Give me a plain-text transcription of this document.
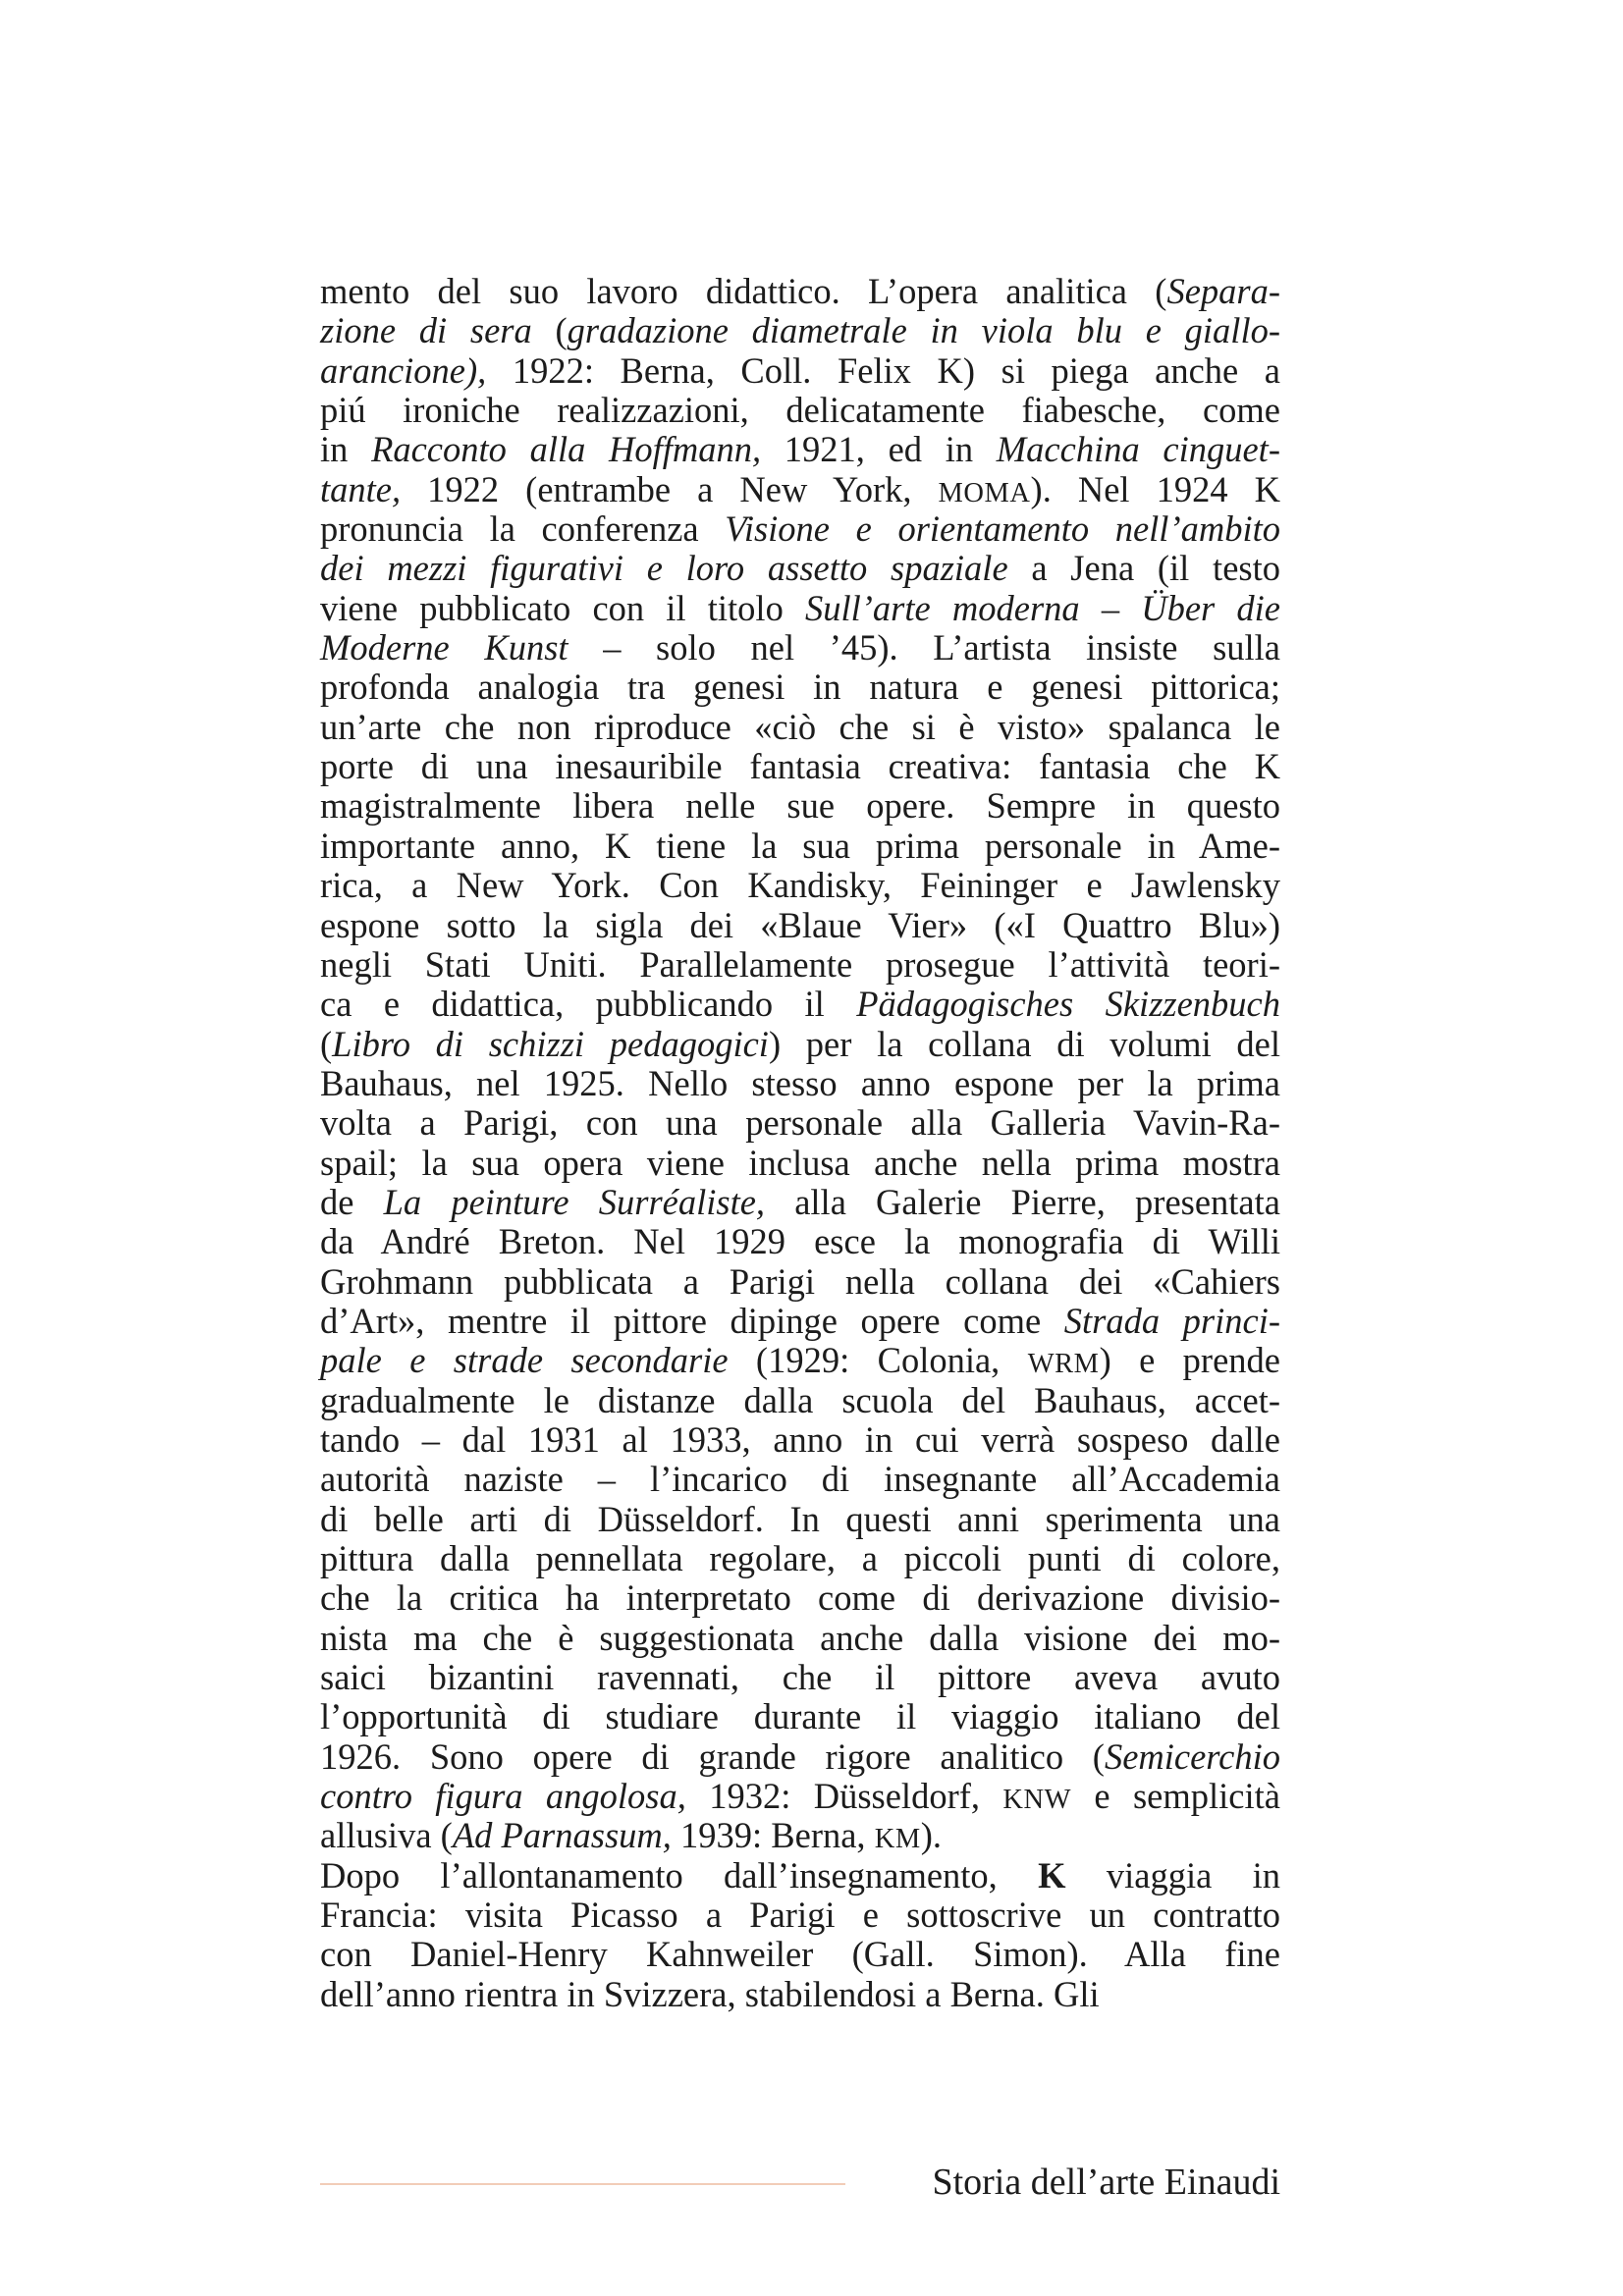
mento del suo lavoro didattico. L’opera analitica (Separa-
zione di sera (gradazione diametrale in viola blu e giallo-
arancione), 1922: Berna, Coll. Felix K) si piega anche a
piú ironiche realizzazioni, delicatamente fiabesche, come
in Racconto alla Hoffmann, 1921, ed in Macchina cinguet-
tante, 1922 (entrambe a New York, MOMA). Nel 1924 K
pronuncia la conferenza Visione e orientamento nell’ambito
dei mezzi figurativi e loro assetto spaziale a Jena (il testo
viene pubblicato con il titolo Sull’arte moderna – Über die
Moderne Kunst – solo nel ’45). L’artista insiste sulla
profonda analogia tra genesi in natura e genesi pittorica;
un’arte che non riproduce «ciò che si è visto» spalanca le
porte di una inesauribile fantasia creativa: fantasia che K
magistralmente libera nelle sue opere. Sempre in questo
importante anno, K tiene la sua prima personale in Ame-
rica, a New York. Con Kandisky, Feininger e Jawlensky
espone sotto la sigla dei «Blaue Vier» («I Quattro Blu»)
negli Stati Uniti. Parallelamente prosegue l’attività teori-
ca e didattica, pubblicando il Pädagogisches Skizzenbuch
(Libro di schizzi pedagogici) per la collana di volumi del
Bauhaus, nel 1925. Nello stesso anno espone per la prima
volta a Parigi, con una personale alla Galleria Vavin-Ra-
spail; la sua opera viene inclusa anche nella prima mostra
de La peinture Surréaliste, alla Galerie Pierre, presentata
da André Breton. Nel 1929 esce la monografia di Willi
Grohmann pubblicata a Parigi nella collana dei «Cahiers
d’Art», mentre il pittore dipinge opere come Strada princi-
pale e strade secondarie (1929: Colonia, WRM) e prende
gradualmente le distanze dalla scuola del Bauhaus, accet-
tando – dal 1931 al 1933, anno in cui verrà sospeso dalle
autorità naziste – l’incarico di insegnante all’Accademia
di belle arti di Düsseldorf. In questi anni sperimenta una
pittura dalla pennellata regolare, a piccoli punti di colore,
che la critica ha interpretato come di derivazione divisio-
nista ma che è suggestionata anche dalla visione dei mo-
saici bizantini ravennati, che il pittore aveva avuto
l’opportunità di studiare durante il viaggio italiano del
1926. Sono opere di grande rigore analitico (Semicerchio
contro figura angolosa, 1932: Düsseldorf, KNW e semplicità
allusiva (Ad Parnassum, 1939: Berna, KM).
Dopo l’allontanamento dall’insegnamento, K viaggia in
Francia: visita Picasso a Parigi e sottoscrive un contratto
con Daniel-Henry Kahnweiler (Gall. Simon). Alla fine
dell’anno rientra in Svizzera, stabilendosi a Berna. Gli
Storia dell’arte Einaudi
